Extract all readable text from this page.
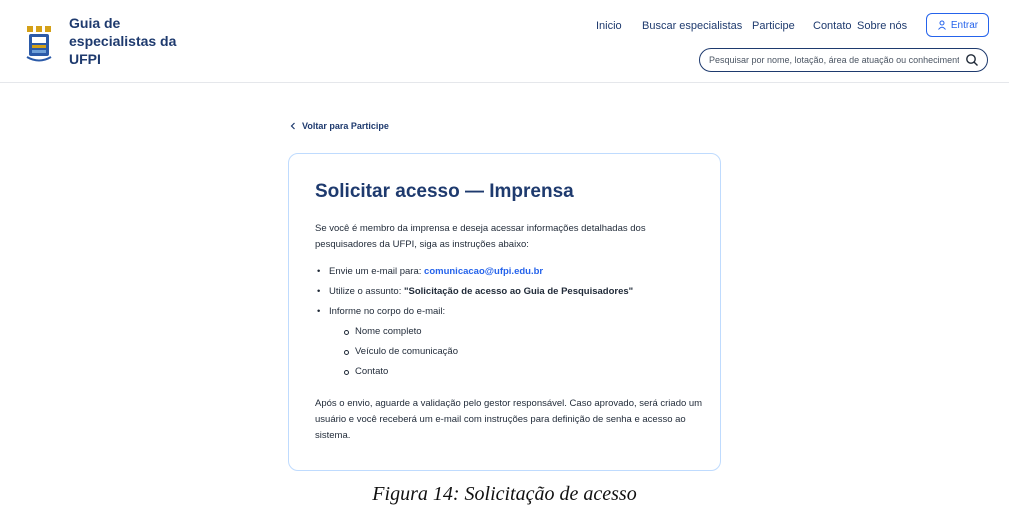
Guia de especialistas da UFPI
Inicio Buscar especialistas Participe Contato Sobre nós	Entrar
Pesquisar por nome, lotação, área de atuação ou conhecimento
Voltar para Participe
Solicitar acesso — Imprensa

Se você é membro da imprensa e deseja acessar informações detalhadas dos pesquisadores da UFPI, siga as instruções abaixo:

• Envie um e-mail para: comunicacao@ufpi.edu.br
• Utilize o assunto: "Solicitação de acesso ao Guia de Pesquisadores"
• Informe no corpo do e-mail:
Nome completo
Veículo de comunicação
Contato

Após o envio, aguarde a validação pelo gestor responsável. Caso aprovado, será criado um usuário e você receberá um e-mail com instruções para definição de senha e acesso ao sistema.

Figura 14: Solicitação de acesso
